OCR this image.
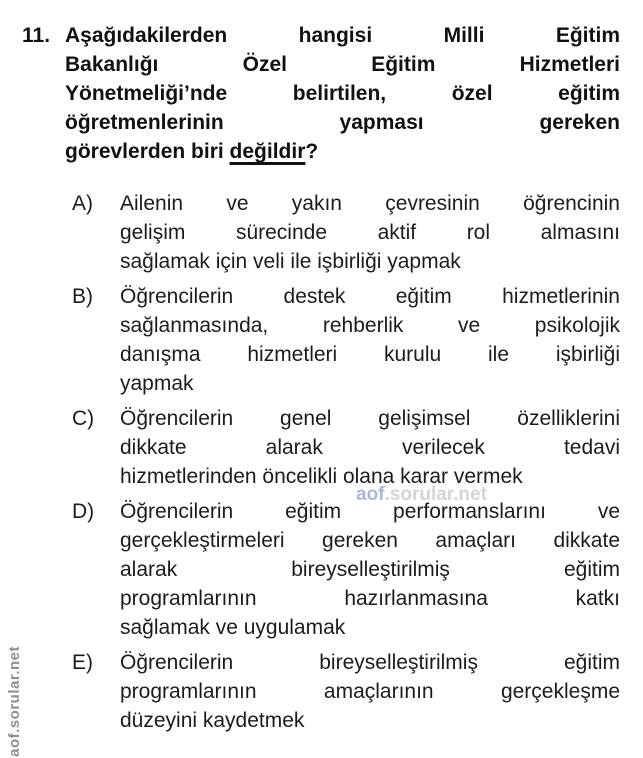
aof.sorular.net
aof.sorular.net
11. Aşağıdakilerden hangisi Milli Eğitim
Bakanlığı Özel Eğitim Hizmetleri
Yönetmeliği’nde belirtilen, özel eğitim
öğretmenlerinin yapması gereken
görevlerden biri değildir?
A)	Ailenin ve yakın çevresinin öğrencinin
gelişim sürecinde aktif rol almasını
sağlamak için veli ile işbirliği yapmak
B)	Öğrencilerin destek eğitim hizmetlerinin
sağlanmasında, rehberlik ve psikolojik
danışma hizmetleri kurulu ile işbirliği
yapmak
C)	Öğrencilerin genel gelişimsel özelliklerini
dikkate alarak verilecek tedavi
hizmetlerinden öncelikli olana karar vermek
D)	Öğrencilerin eğitim performanslarını ve
gerçekleştirmeleri gereken amaçları dikkate
alarak bireyselleştirilmiş eğitim
programlarının hazırlanmasına katkı
sağlamak ve uygulamak
E)	Öğrencilerin bireyselleştirilmiş eğitim
programlarının amaçlarının gerçekleşme
düzeyini kaydetmek
